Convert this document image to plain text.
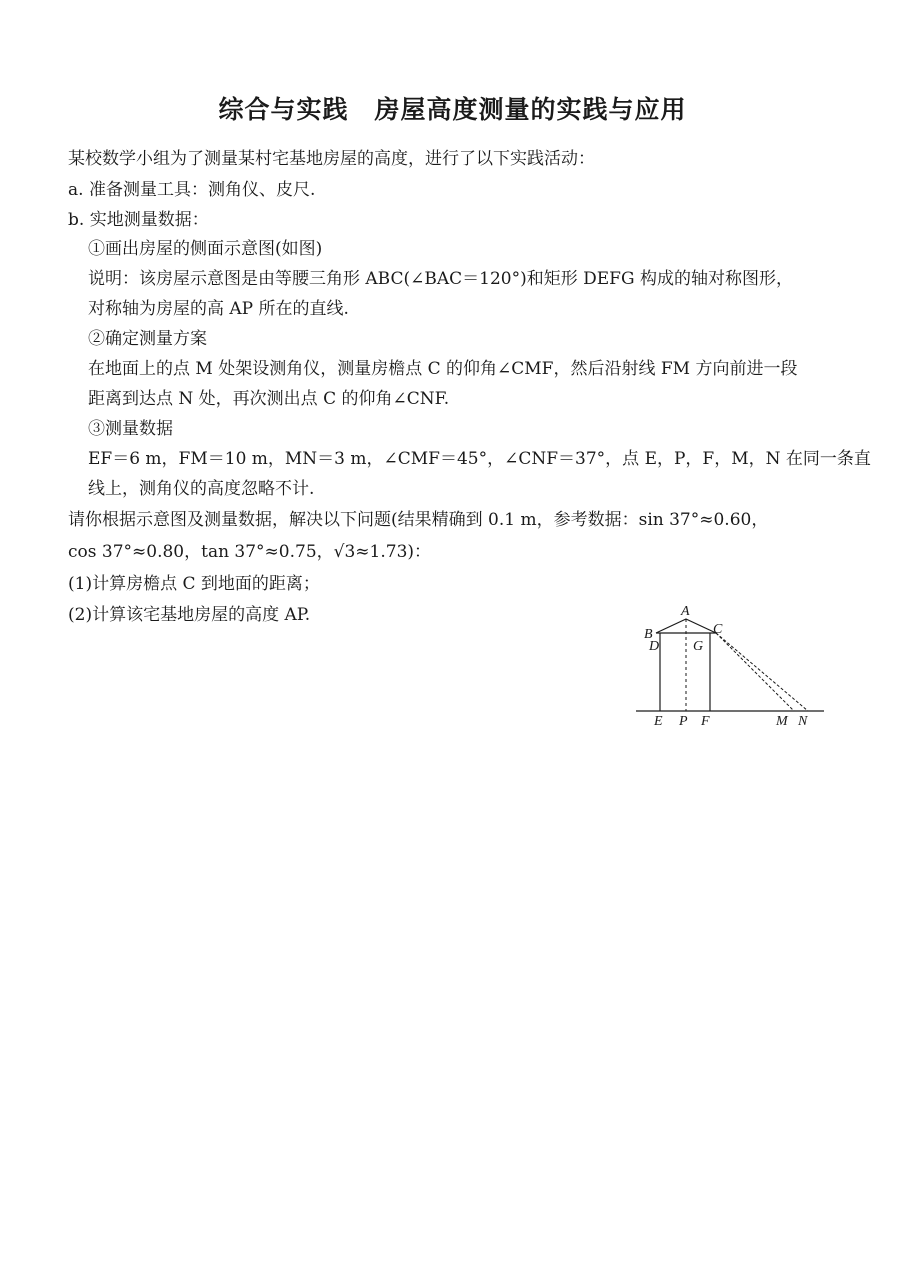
综合与实践　房屋高度测量的实践与应用
某校数学小组为了测量某村宅基地房屋的高度，进行了以下实践活动：
a. 准备测量工具：测角仪、皮尺.
b. 实地测量数据：
①画出房屋的侧面示意图(如图)
说明：该房屋示意图是由等腰三角形 ABC(∠BAC＝120°)和矩形 DEFG 构成的轴对称图形，
对称轴为房屋的高 AP 所在的直线.
②确定测量方案
在地面上的点 M 处架设测角仪，测量房檐点 C 的仰角∠CMF，然后沿射线 FM 方向前进一段
距离到达点 N 处，再次测出点 C 的仰角∠CNF.
③测量数据
EF＝6 m，FM＝10 m，MN＝3 m，∠CMF＝45°，∠CNF＝37°，点 E，P，F，M，N 在同一条直
线上，测角仪的高度忽略不计.
请你根据示意图及测量数据，解决以下问题(结果精确到 0.1 m，参考数据：sin 37°≈0.60，
cos 37°≈0.80，tan 37°≈0.75，√3≈1.73)：
(1)计算房檐点 C 到地面的距离；
(2)计算该宅基地房屋的高度 AP.	A
B
D
C
G
E P F	M N
